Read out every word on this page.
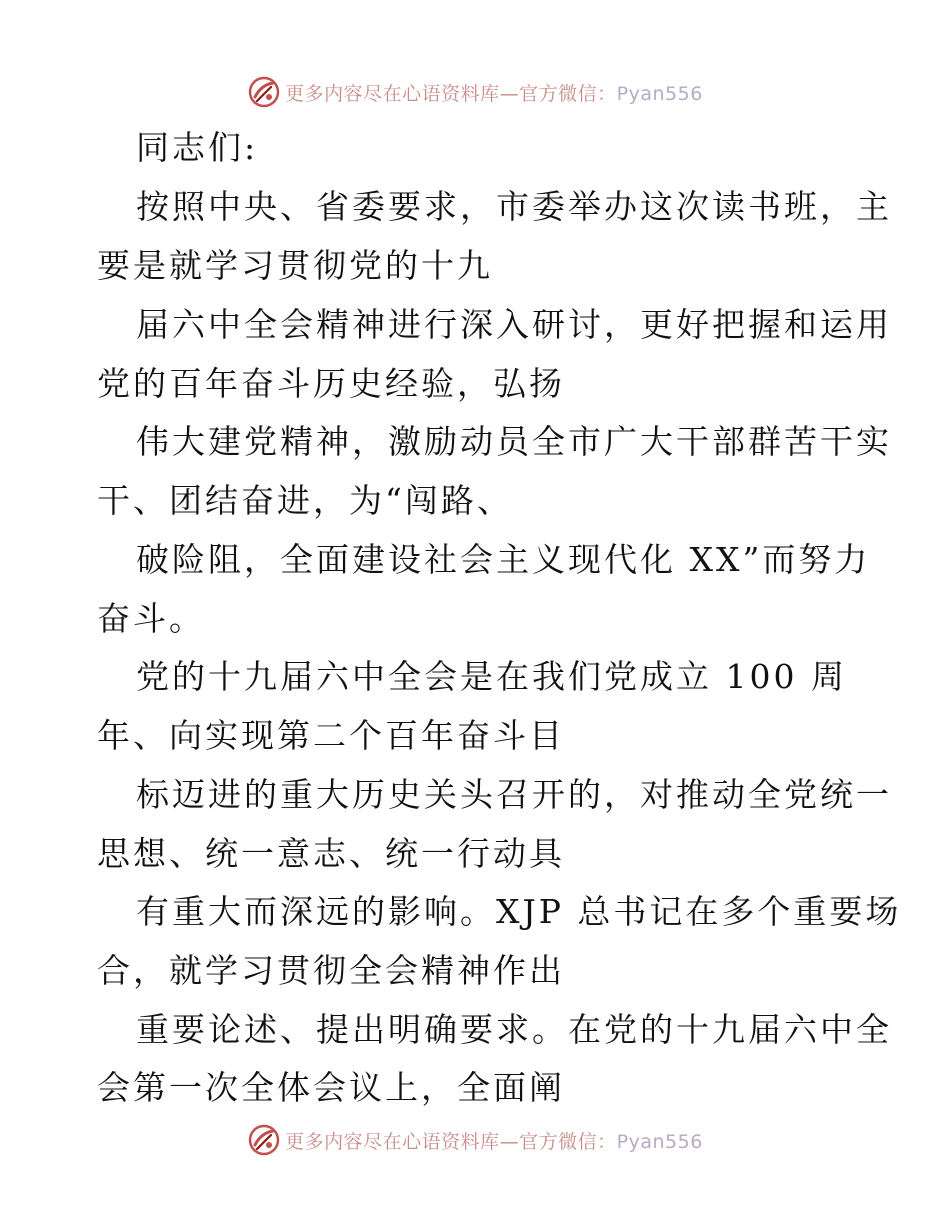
更多内容尽在心语资料库—官方微信：Pyan556
同志们:
按照中央、省委要求，市委举办这次读书班，主
要是就学习贯彻党的十九
届六中全会精神进行深入研讨，更好把握和运用
党的百年奋斗历史经验，弘扬
伟大建党精神，激励动员全市广大干部群苦干实
干、团结奋进，为“闯路、
破险阻，全面建设社会主义现代化 XX”而努力
奋斗。
党的十九届六中全会是在我们党成立 100 周
年、向实现第二个百年奋斗目
标迈进的重大历史关头召开的，对推动全党统一
思想、统一意志、统一行动具
有重大而深远的影响。XJP 总书记在多个重要场
合，就学习贯彻全会精神作出
重要论述、提出明确要求。在党的十九届六中全
会第一次全体会议上，全面阐
更多内容尽在心语资料库—官方微信：Pyan556
